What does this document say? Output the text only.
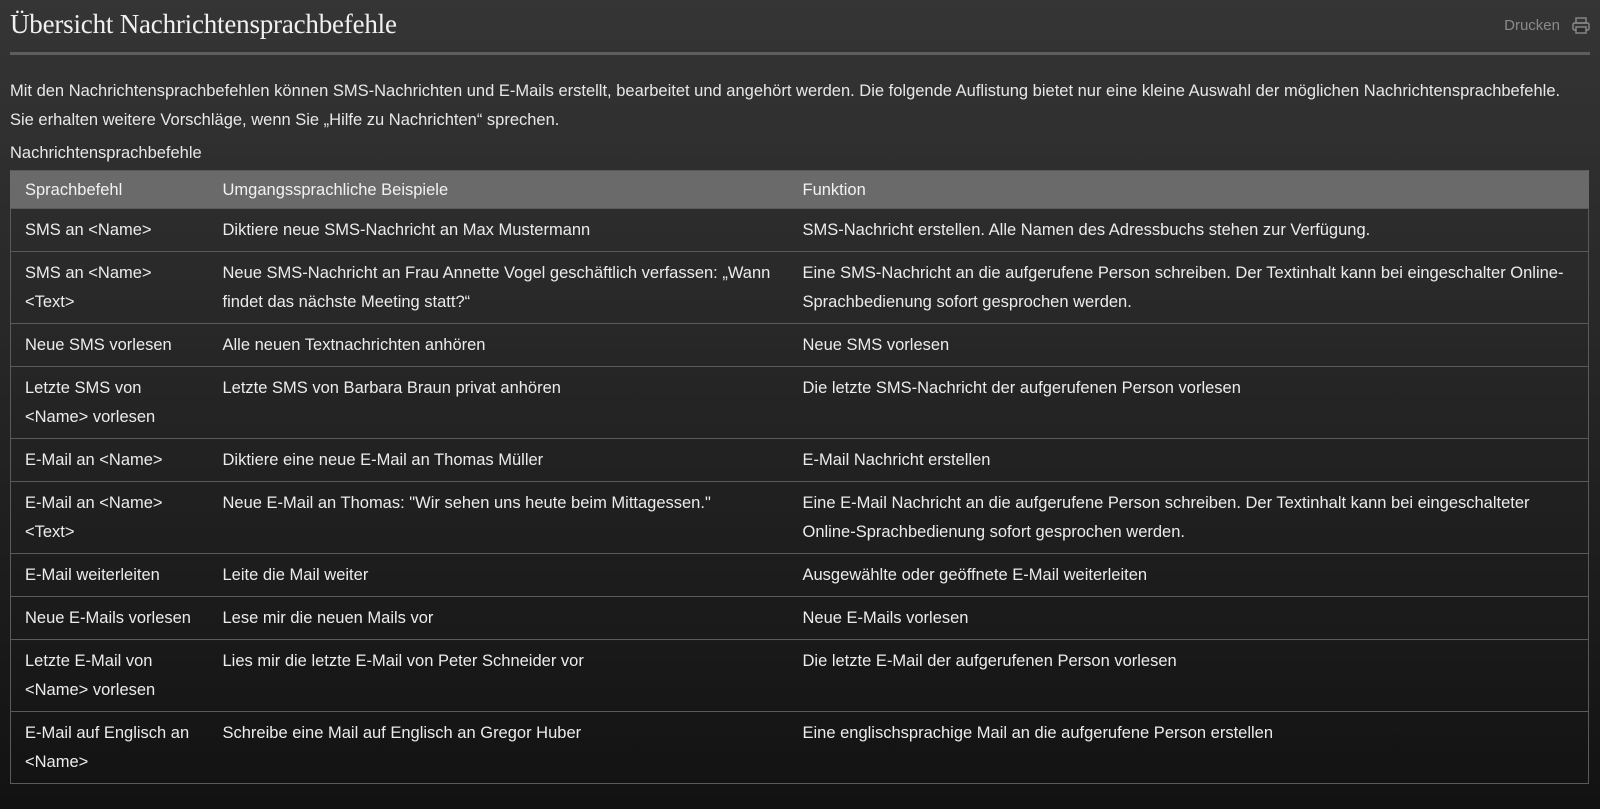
Übersicht Nachrichtensprachbefehle	Drucken

Mit den Nachrichtensprachbefehlen können SMS-Nachrichten und E-Mails erstellt, bearbeitet und angehört werden. Die folgende Auflistung bietet nur eine kleine Auswahl der möglichen Nachrichtensprachbefehle. Sie erhalten weitere Vorschläge, wenn Sie „Hilfe zu Nachrichten“ sprechen.

Nachrichtensprachbefehle
Sprachbefehl	Umgangssprachliche Beispiele	Funktion
SMS an <Name>	Diktiere neue SMS-Nachricht an Max Mustermann	SMS-Nachricht erstellen. Alle Namen des Adressbuchs stehen zur Verfügung.
SMS an <Name> <Text>	Neue SMS-Nachricht an Frau Annette Vogel geschäftlich verfassen: „Wann findet das nächste Meeting statt?“	Eine SMS-Nachricht an die aufgerufene Person schreiben. Der Textinhalt kann bei eingeschalter Online-Sprachbedienung sofort gesprochen werden.
Neue SMS vorlesen	Alle neuen Textnachrichten anhören	Neue SMS vorlesen
Letzte SMS von <Name> vorlesen	Letzte SMS von Barbara Braun privat anhören	Die letzte SMS-Nachricht der aufgerufenen Person vorlesen
E-Mail an <Name>	Diktiere eine neue E-Mail an Thomas Müller	E-Mail Nachricht erstellen
E-Mail an <Name> <Text>	Neue E-Mail an Thomas: "Wir sehen uns heute beim Mittagessen."	Eine E-Mail Nachricht an die aufgerufene Person schreiben. Der Textinhalt kann bei eingeschalteter Online-Sprachbedienung sofort gesprochen werden.
E-Mail weiterleiten	Leite die Mail weiter	Ausgewählte oder geöffnete E-Mail weiterleiten
Neue E-Mails vorlesen	Lese mir die neuen Mails vor	Neue E-Mails vorlesen
Letzte E-Mail von <Name> vorlesen	Lies mir die letzte E-Mail von Peter Schneider vor	Die letzte E-Mail der aufgerufenen Person vorlesen
E-Mail auf Englisch an <Name>	Schreibe eine Mail auf Englisch an Gregor Huber	Eine englischsprachige Mail an die aufgerufene Person erstellen
